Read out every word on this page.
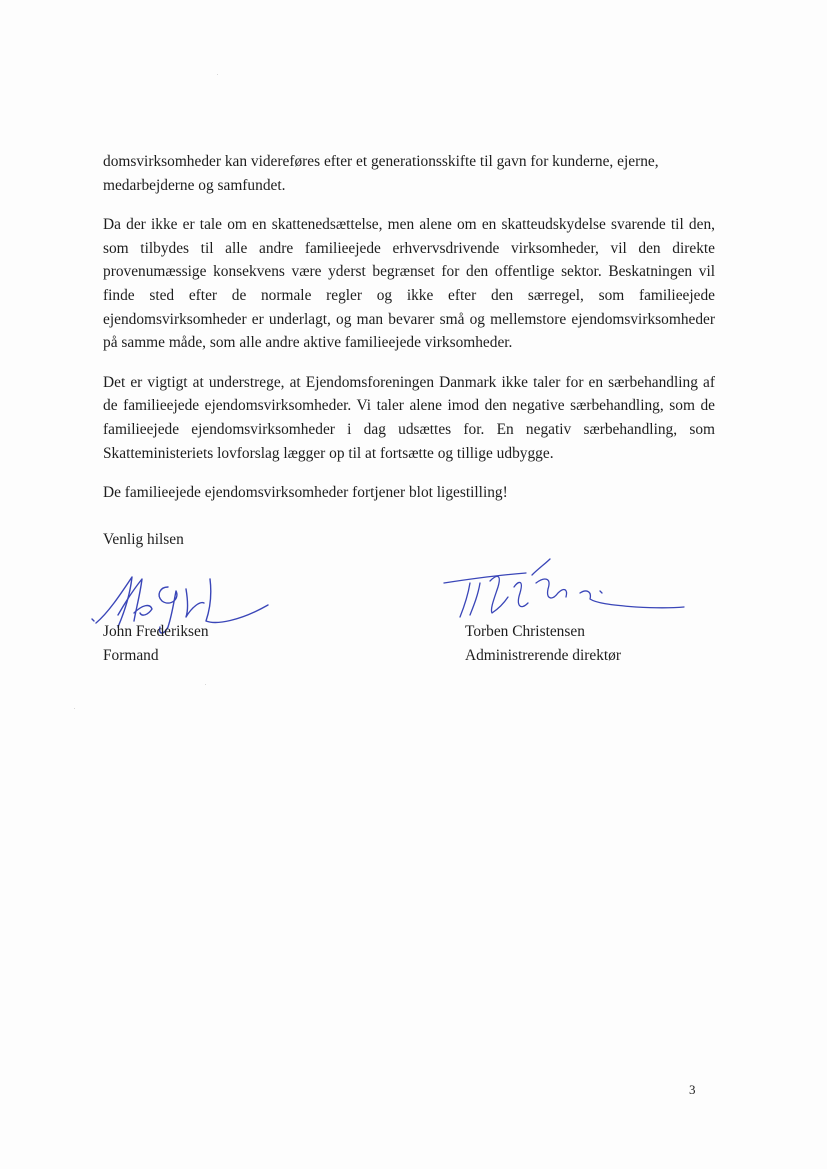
domsvirksomheder kan videreføres efter et generationsskifte til gavn for kunderne, ejerne, medarbejderne og samfundet.

Da der ikke er tale om en skattenedsættelse, men alene om en skatteudskydelse svarende til den, som tilbydes til alle andre familieejede erhvervsdrivende virksomheder, vil den direkte provenumæssige konsekvens være yderst begrænset for den offentlige sektor. Beskatningen vil finde sted efter de normale regler og ikke efter den særregel, som familieejede ejendomsvirksomheder er underlagt, og man bevarer små og mellemstore ejendomsvirksomheder på samme måde, som alle andre aktive familieejede virksomheder.

Det er vigtigt at understrege, at Ejendomsforeningen Danmark ikke taler for en særbehandling af de familieejede ejendomsvirksomheder. Vi taler alene imod den negative særbehandling, som de familieejede ejendomsvirksomheder i dag udsættes for. En negativ særbehandling, som Skatteministeriets lovforslag lægger op til at fortsætte og tillige udbygge.

De familieejede ejendomsvirksomheder fortjener blot ligestilling!

Venlig hilsen
John Frederiksen
Formand
Torben Christensen
Administrerende direktør
3
